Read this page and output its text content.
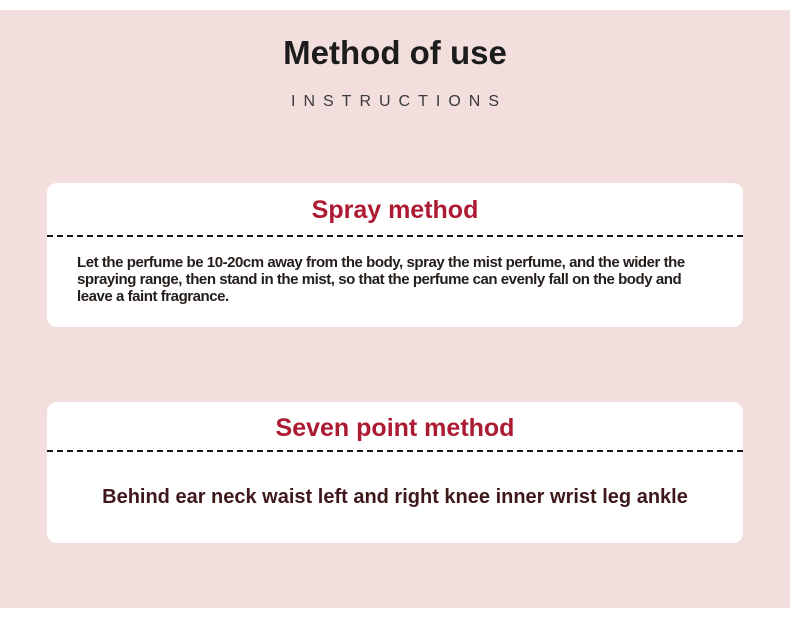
Method of use
INSTRUCTIONS
Spray method
Let the perfume be 10-20cm away from the body, spray the mist perfume, and the wider the spraying range, then stand in the mist, so that the perfume can evenly fall on the body and leave a faint fragrance.
Seven point method
Behind ear neck waist left and right knee inner wrist leg ankle
